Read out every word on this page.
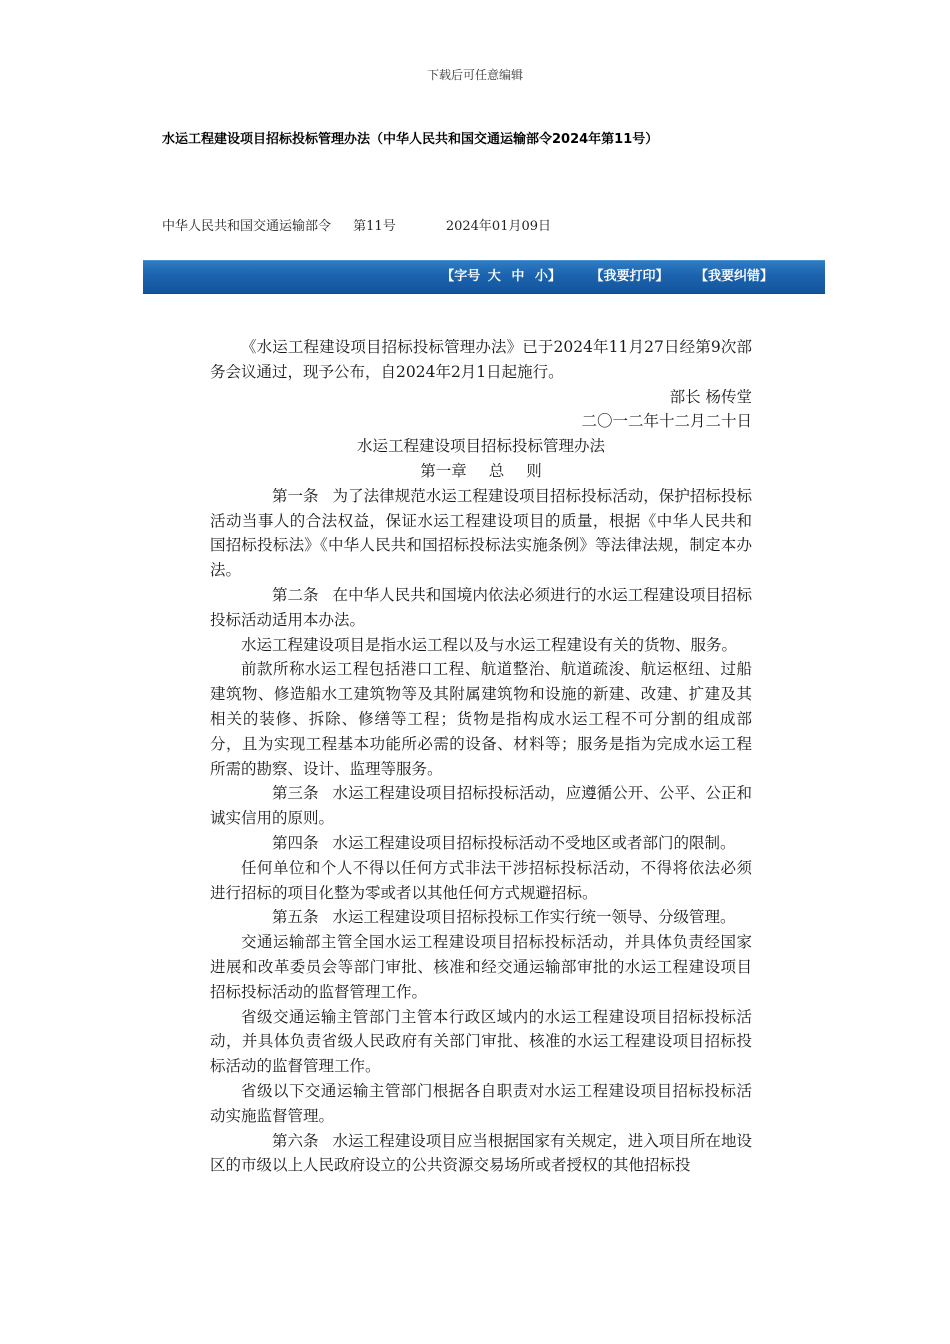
下载后可任意编辑
水运工程建设项目招标投标管理办法（中华人民共和国交通运输部令2024年第11号）
中华人民共和国交通运输部令 第11号	2024年01月09日
【字号 大 中 小】 【我要打印】 【我要纠错】

《水运工程建设项目招标投标管理办法》已于2024年11月27日经第9次部务会议通过，现予公布，自2024年2月1日起施行。

部长 杨传堂

二〇一二年十二月二十日

水运工程建设项目招标投标管理办法

第一章 总 则

第一条 为了法律规范水运工程建设项目招标投标活动，保护招标投标活动当事人的合法权益，保证水运工程建设项目的质量，根据《中华人民共和国招标投标法》《中华人民共和国招标投标法实施条例》等法律法规，制定本办法。

第二条 在中华人民共和国境内依法必须进行的水运工程建设项目招标投标活动适用本办法。

水运工程建设项目是指水运工程以及与水运工程建设有关的货物、服务。

前款所称水运工程包括港口工程、航道整治、航道疏浚、航运枢纽、过船建筑物、修造船水工建筑物等及其附属建筑物和设施的新建、改建、扩建及其相关的装修、拆除、修缮等工程；货物是指构成水运工程不可分割的组成部分，且为实现工程基本功能所必需的设备、材料等；服务是指为完成水运工程所需的勘察、设计、监理等服务。

第三条 水运工程建设项目招标投标活动，应遵循公开、公平、公正和诚实信用的原则。

第四条 水运工程建设项目招标投标活动不受地区或者部门的限制。

任何单位和个人不得以任何方式非法干涉招标投标活动，不得将依法必须进行招标的项目化整为零或者以其他任何方式规避招标。

第五条 水运工程建设项目招标投标工作实行统一领导、分级管理。

交通运输部主管全国水运工程建设项目招标投标活动，并具体负责经国家进展和改革委员会等部门审批、核准和经交通运输部审批的水运工程建设项目招标投标活动的监督管理工作。

省级交通运输主管部门主管本行政区域内的水运工程建设项目招标投标活动，并具体负责省级人民政府有关部门审批、核准的水运工程建设项目招标投标活动的监督管理工作。

省级以下交通运输主管部门根据各自职责对水运工程建设项目招标投标活动实施监督管理。

第六条 水运工程建设项目应当根据国家有关规定，进入项目所在地设区的市级以上人民政府设立的公共资源交易场所或者授权的其他招标投
